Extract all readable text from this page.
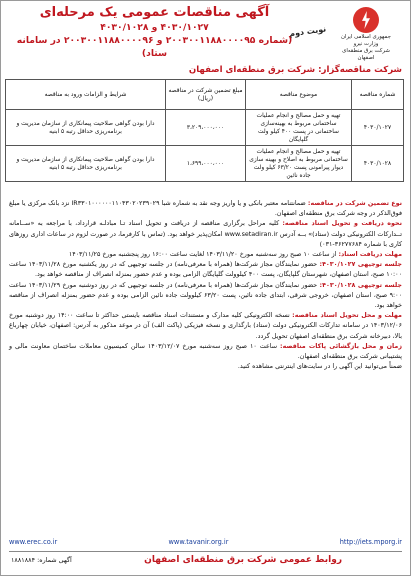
جمهوری اسلامی ایران
وزارت نیرو
شرکت برق منطقه‌ای
اصفهان
نوبت دوم
آگهی مناقصات عمومی یک مرحله‌ای
۴۰۳۰/۱۰۲۷ و ۴۰۳۰/۱۰۲۸
(شماره ۲۰۰۳۰۰۱۱۸۸۰۰۰۰۹۵ و ۲۰۰۳۰۰۱۱۸۸۰۰۰۰۹۶ در سامانه ستاد)
شرکت مناقصه‌گزار: شرکت برق منطقه‌ای اصفهان
شماره مناقصه	موضوع مناقصه	مبلغ تضمین شرکت در مناقصه (ریال)	شرایط و الزامات ورود به مناقصه
۴۰۳۰/۱۰۲۷	تهیه و حمل مصالح و انجام عملیات ساختمانی مربوط به بهینه‌سازی ساختمانی در پست ۴۰۰ کیلو ولت گلپایگان	۳،۲۰۹،۰۰۰،۰۰۰	دارا بودن گواهی صلاحیت پیمانکاری از سازمان مدیریت و برنامه‌ریزی حداقل رتبه ۵ ابنیه
۴۰۳۰/۱۰۲۸	تهیه و حمل مصالح و انجام عملیات ساختمانی مربوط به اصلاح و بهینه سازی دیوار پیرامونی پست ۶۳/۲۰ کیلو ولت جاده نائین	۱،۶۹۹،۰۰۰،۰۰۰	دارا بودن گواهی صلاحیت پیمانکاری از سازمان مدیریت و برنامه‌ریزی حداقل رتبه ۵ ابنیه

نوع تضمین شرکت در مناقصه: ضمانتنامه معتبر بانکی و یا واریز وجه نقد به شماره شبا IR۳۳۰۱۰۰۰۰۰۰۱۱۰۴۳۰۲۰۲۳۹۰۲۹ نزد بانک مرکزی یا مبلغ فوق‌الذکر در وجه شرکت برق منطقه‌ای اصفهان.

نحوه دریافت و تحویل اسناد مناقصه: کلیه مراحل برگزاری مناقصه از دریافت و تحویل اسناد تـا مبادلـه قرارداد، با مراجعه به «ســامانه تــدارکات الکترونیکی دولت (ستاد)» بــه آدرس www.setadiran.ir امکان‌پذیر خواهد بود. (تماس با کارفرما، در صورت لزوم در ساعات اداری روزهای کاری با شماره ۳۶۲۷۷۶۸۴-۰۳۱)

مهلت دریافت اسناد: از ساعت ۱۰ صبح روز سه‌شنبه مورخ ۱۴۰۳/۱۱/۲۰ لغایت ساعت ۱۶:۰۰ روز پنجشنبه مورخ ۱۴۰۳/۱۱/۲۵

جلسه توجیهی ۴۰۳۰/۱۰۲۷: حضور نمایندگان مجاز شرکت‌ها (همراه با معرفی‌نامه) در جلسه توجیهی که در روز یکشنبه مورخ ۱۴۰۳/۱۱/۲۸ ساعت ۱۰:۰۰ صبح، استان اصفهان، شهرستان گلپایگان، پست ۴۰۰ کیلوولت گلپایگان الزامی بوده و عدم حضور بمنزله انصراف از مناقصه خواهد بود.

جلسه توجیهی ۴۰۳۰/۱۰۲۸: حضور نمایندگان مجاز شرکت‌ها (همراه با معرفی‌نامه) در جلسه توجیهی که در روز دوشنبه مورخ ۱۴۰۳/۱۱/۲۹ ساعت ۹:۰۰ صبح، استان اصفهان، خروجی شرقی، ابتدای جاده نائین، پست ۶۳/۲۰ کیلوولت جاده نائین الزامی بوده و عدم حضور بمنزله انصراف از مناقصه خواهد بود.

مهلت و محل تحویل اسناد مناقصه: نسخه الکترونیکی کلیه مدارک و مستندات اسناد مناقصه بایستی حداکثر تا ساعت ۱۴:۰۰ روز دوشنبه مورخ ۱۴۰۳/۱۲/۰۶ در سامانه تدارکات الکترونیکی دولت (ستاد) بارگذاری و نسخه فیزیکی (پاکت الف) آن در موعد مذکور به آدرس: اصفهان، خیابان چهارباغ بالا، دبیرخانه شرکت برق منطقه‌ای اصفهان تحویل گردد.

زمان و محل بازگشائی پاکات مناقصه: ساعت ۱۰ صبح روز سه‌شنبه مورخ ۱۴۰۳/۱۲/۰۷ سالن کمیسیون معاملات ساختمان معاونت مالی و پشتیبانی شرکت برق منطقه‌ای اصفهان.

ضمناً می‌توانید این آگهی را در سایت‌های اینترنتی مشاهده کنید.

www.erec.co.ir	www.tavanir.org.ir	http://iets.mporg.ir
روابط عمومی شرکت برق منطقه‌ای اصفهان
آگهی شماره: ۱۸۸۱۸۸۴
